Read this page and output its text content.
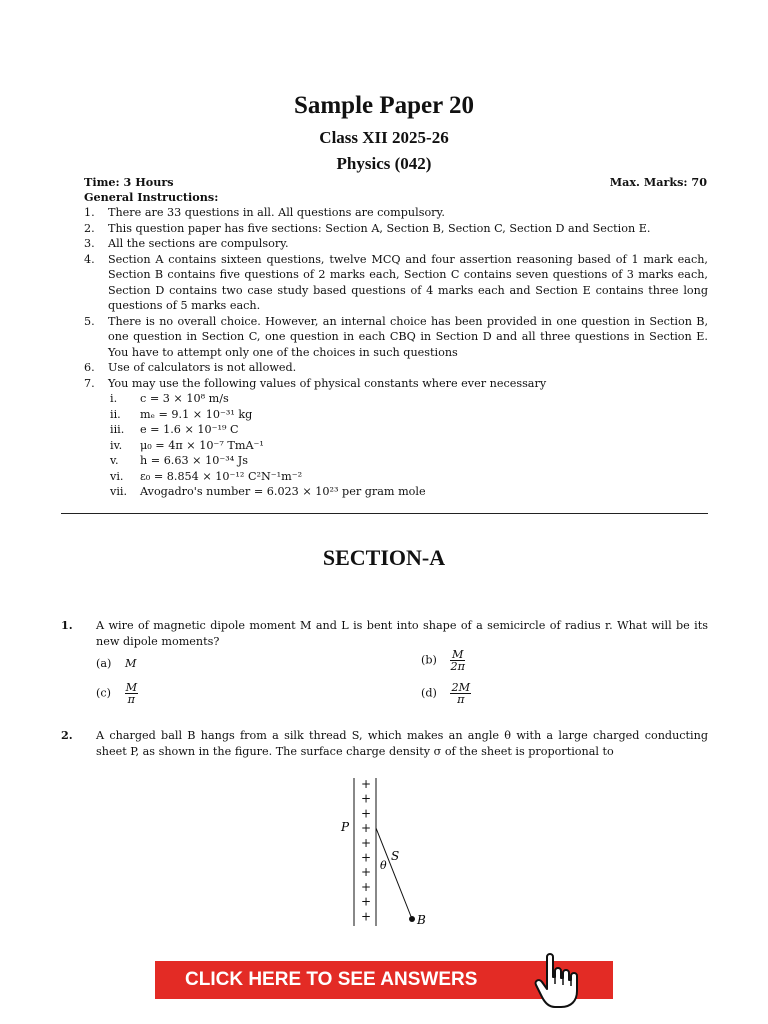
Sample Paper 20
Class XII 2025-26
Physics (042)
Time: 3 Hours	Max. Marks: 70
General Instructions:
1. There are 33 questions in all. All questions are compulsory.
2. This question paper has five sections: Section A, Section B, Section C, Section D and Section E.
3. All the sections are compulsory.
4. Section A contains sixteen questions, twelve MCQ and four assertion reasoning based of 1 mark each, Section B contains five questions of 2 marks each, Section C contains seven questions of 3 marks each, Section D contains two case study based questions of 4 marks each and Section E contains three long questions of 5 marks each.
5. There is no overall choice. However, an internal choice has been provided in one question in Section B, one question in Section C, one question in each CBQ in Section D and all three questions in Section E. You have to attempt only one of the choices in such questions
6. Use of calculators is not allowed.
7. You may use the following values of physical constants where ever necessary
i.	c = 3 × 10⁸ m/s
ii.	mₑ = 9.1 × 10⁻³¹ kg
iii.	e = 1.6 × 10⁻¹⁹ C
iv.	μ₀ = 4π × 10⁻⁷ TmA⁻¹
v.	h = 6.63 × 10⁻³⁴ Js
vi.	ε₀ = 8.854 × 10⁻¹² C²N⁻¹m⁻²
vii.	Avogadro's number = 6.023 × 10²³ per gram mole
SECTION-A
1. A wire of magnetic dipole moment M and L is bent into shape of a semicircle of radius r. What will be its new dipole moments?
(a) M	$(b) \frac{M}{2\pi}$
$(c) \frac{M}{\pi}$	$(d) \frac{2M}{\pi}$
2. A charged ball B hangs from a silk thread S, which makes an angle θ with a large charged conducting sheet P, as shown in the figure. The surface charge density σ of the sheet is proportional to
+
+
+
+
+
+
+
+
+
+
P
S
θ
B
CLICK HERE TO SEE ANSWERS
